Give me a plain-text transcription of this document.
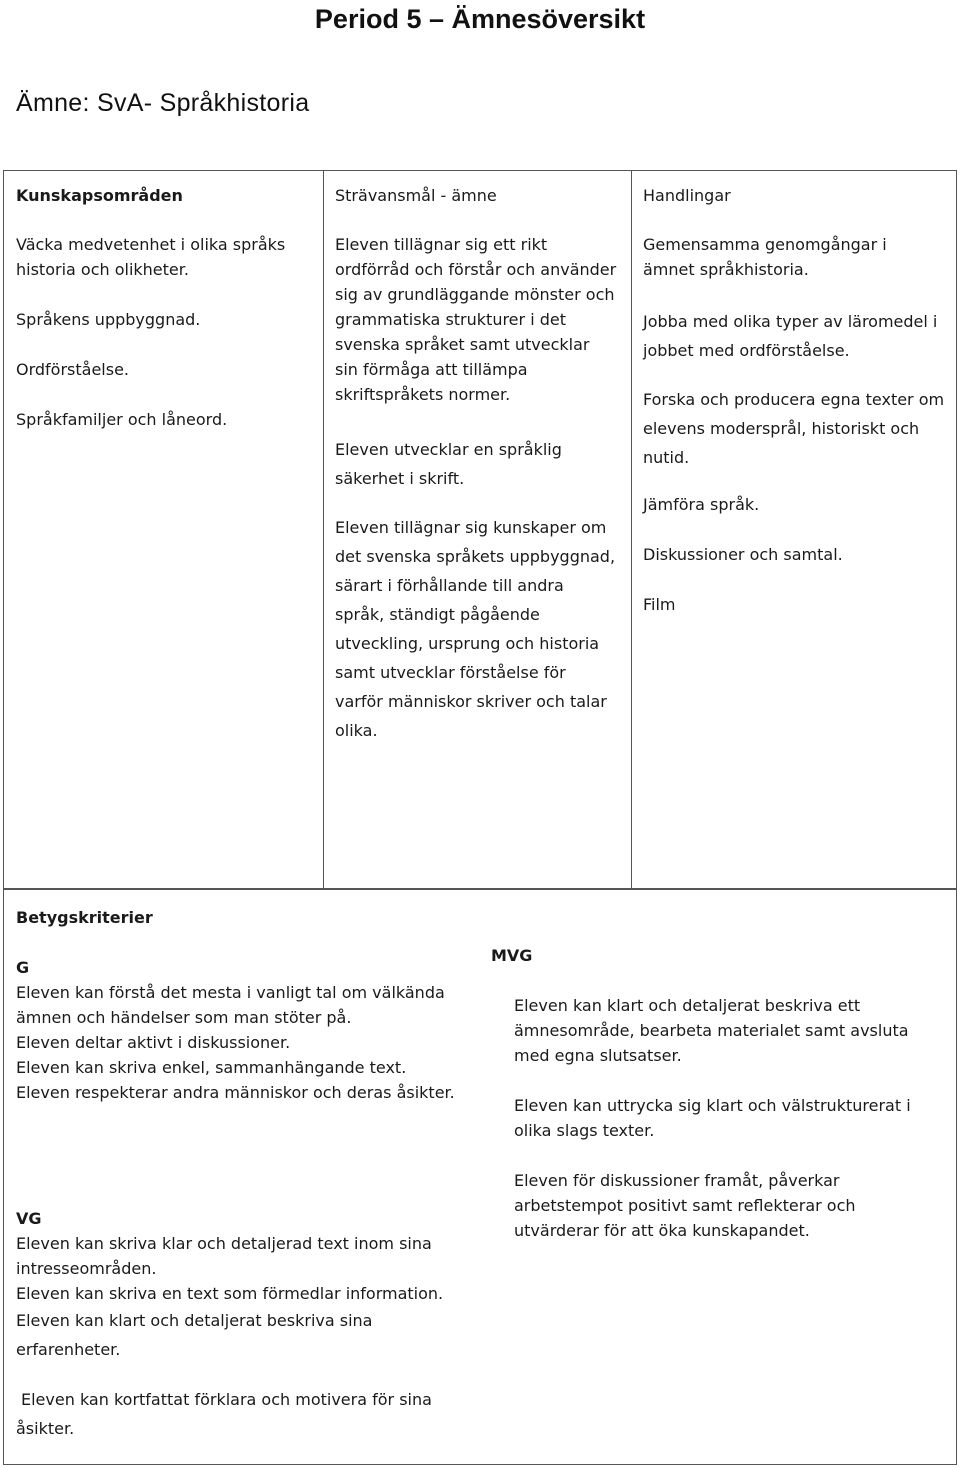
Period 5 – Ämnesöversikt
Ämne: SvA- Språkhistoria
Kunskapsområden

Väcka medvetenhet i olika språks historia och olikheter.

Språkens uppbyggnad.

Ordförståelse.

Språkfamiljer och låneord.

Strävansmål - ämne

Eleven tillägnar sig ett rikt ordförråd och förstår och använder sig av grundläggande mönster och grammatiska strukturer i det svenska språket samt utvecklar sin förmåga att tillämpa skriftspråkets normer.

Eleven utvecklar en språklig säkerhet i skrift.

Eleven tillägnar sig kunskaper om det svenska språkets uppbyggnad, särart i förhållande till andra språk, ständigt pågående utveckling, ursprung och historia samt utvecklar förståelse för varför människor skriver och talar olika.

Handlingar

Gemensamma genomgångar i ämnet språkhistoria.

Jobba med olika typer av läromedel i jobbet med ordförståelse.

Forska och producera egna texter om elevens modersprål, historiskt och nutid.

Jämföra språk.

Diskussioner och samtal.

Film

Betygskriterier
G
Eleven kan förstå det mesta i vanligt tal om välkända ämnen och händelser som man stöter på.
Eleven deltar aktivt i diskussioner.
Eleven kan skriva enkel, sammanhängande text.
Eleven respekterar andra människor och deras åsikter.
VG
Eleven kan skriva klar och detaljerad text inom sina intresseområden.
Eleven kan skriva en text som förmedlar information.
Eleven kan klart och detaljerat beskriva sina erfarenheter.
Eleven kan kortfattat förklara och motivera för sina åsikter.
MVG

Eleven kan klart och detaljerat beskriva ett ämnesområde, bearbeta materialet samt avsluta med egna slutsatser.

Eleven kan uttrycka sig klart och välstrukturerat i olika slags texter.

Eleven för diskussioner framåt, påverkar arbetstempot positivt samt reflekterar och utvärderar för att öka kunskapandet.
